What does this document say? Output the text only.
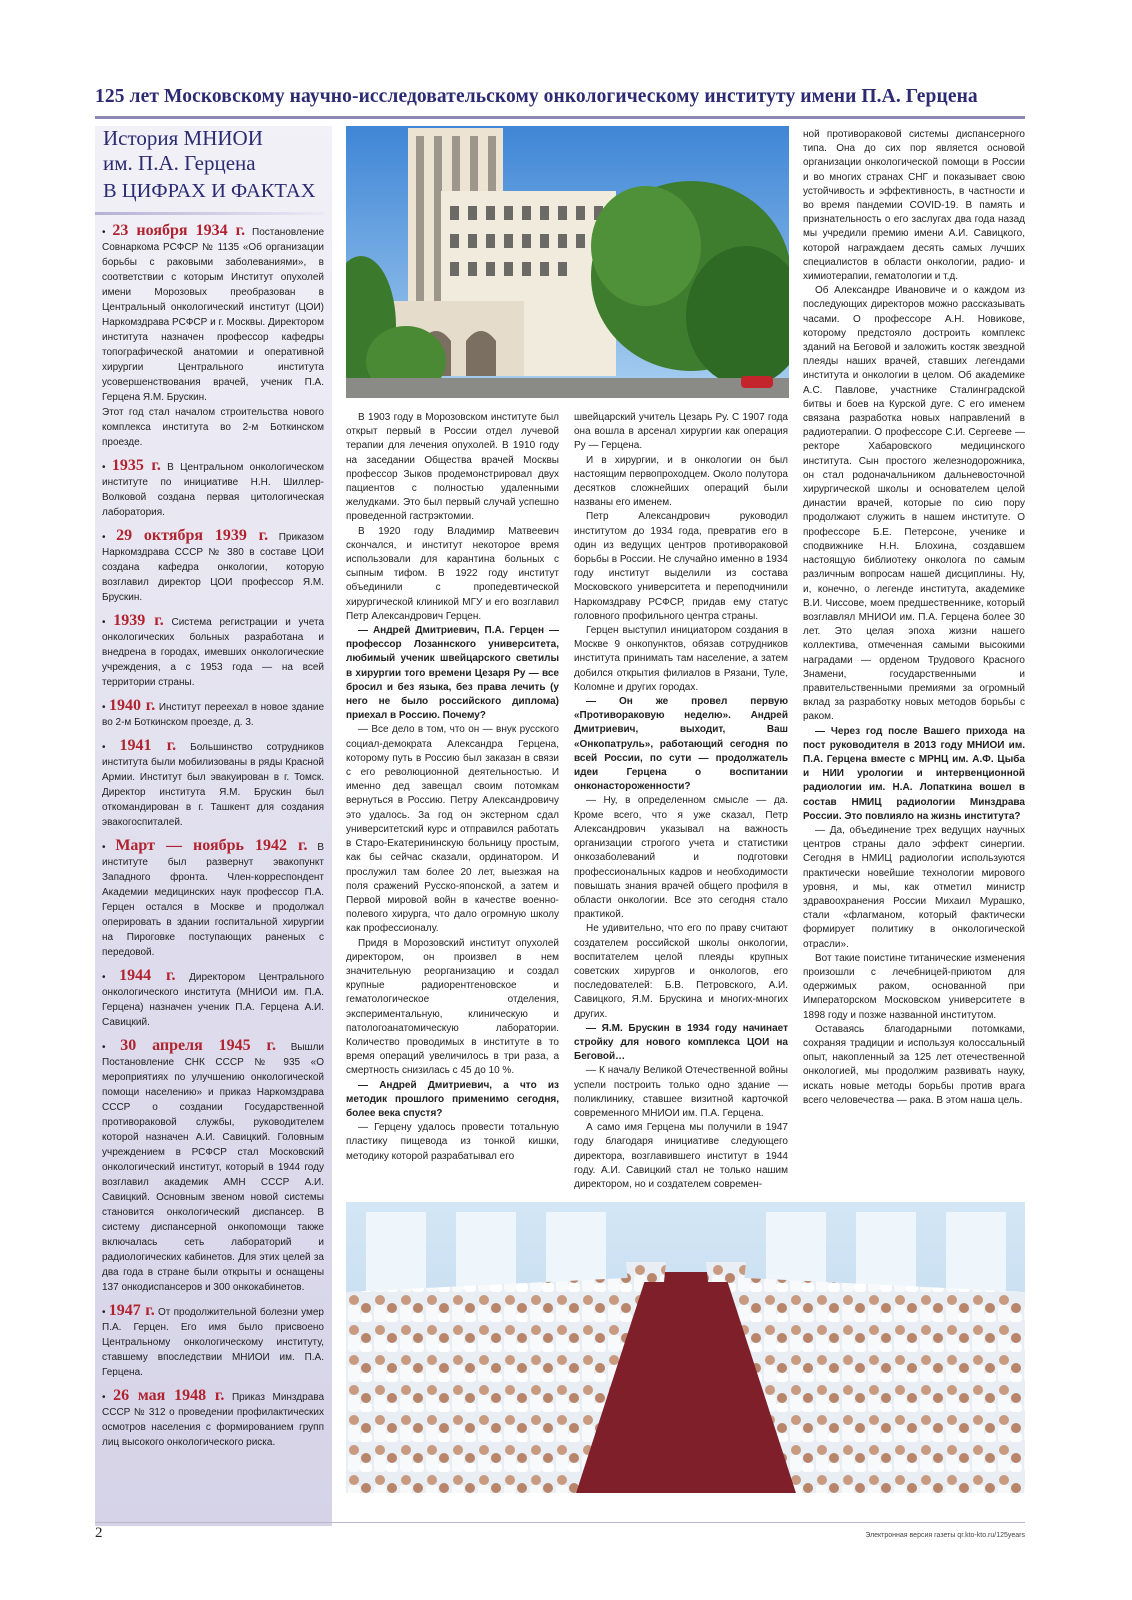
125 лет Московскому научно-исследовательскому онкологическому институту имени П.А. Герцена
История МНИОИ
им. П.А. Герцена
В ЦИФРАХ И ФАКТАХ
• 23 ноября 1934 г. Постановление Совнаркома РСФСР № 1135 «Об организации борьбы с раковыми заболеваниями», в соответствии с которым Институт опухолей имени Морозовых преобразован в Центральный онкологический институт (ЦОИ) Наркомздрава РСФСР и г. Москвы. Директором института назначен профессор кафедры топографической анатомии и оперативной хирургии Центрального института усовершенствования врачей, ученик П.А. Герцена Я.М. Брускин.
Этот год стал началом строительства нового комплекса института во 2-м Боткинском проезде.
• 1935 г. В Центральном онкологическом институте по инициативе Н.Н. Шиллер-Волковой создана первая цитологическая лаборатория.
• 29 октября 1939 г. Приказом Наркомздрава СССР № 380 в составе ЦОИ создана кафедра онкологии, которую возглавил директор ЦОИ профессор Я.М. Брускин.
• 1939 г. Система регистрации и учета онкологических больных разработана и внедрена в городах, имевших онкологические учреждения, а с 1953 года — на всей территории страны.
• 1940 г. Институт переехал в новое здание во 2-м Боткинском проезде, д. 3.
• 1941 г. Большинство сотрудников института были мобилизованы в ряды Красной Армии. Институт был эвакуирован в г. Томск. Директор института Я.М. Брускин был откомандирован в г. Ташкент для создания эвакогоспиталей.
• Март — ноябрь 1942 г. В институте был развернут эвакопункт Западного фронта. Член-корреспондент Академии медицинских наук профессор П.А. Герцен остался в Москве и продолжал оперировать в здании госпитальной хирургии на Пироговке поступающих раненых с передовой.
• 1944 г. Директором Центрального онкологического института (МНИОИ им. П.А. Герцена) назначен ученик П.А. Герцена А.И. Савицкий.
• 30 апреля 1945 г. Вышли Постановление СНК СССР № 935 «О мероприятиях по улучшению онкологической помощи населению» и приказ Наркомздрава СССР о создании Государственной противораковой службы, руководителем которой назначен А.И. Савицкий. Головным учреждением в РСФСР стал Московский онкологический институт, который в 1944 году возглавил академик АМН СССР А.И. Савицкий. Основным звеном новой системы становится онкологический диспансер. В систему диспансерной онкопомощи также включалась сеть лабораторий и радиологических кабинетов. Для этих целей за два года в стране были открыты и оснащены 137 онкодиспансеров и 300 онкокабинетов.
• 1947 г. От продолжительной болезни умер П.А. Герцен. Его имя было присвоено Центральному онкологическому институту, ставшему впоследствии МНИОИ им. П.А. Герцена.
• 26 мая 1948 г. Приказ Минздрава СССР № 312 о проведении профилактических осмотров населения с формированием групп лиц высокого онкологического риска.

В 1903 году в Морозовском институте был открыт первый в России отдел лучевой терапии для лечения опухолей. В 1910 году на заседании Общества врачей Москвы профессор Зыков продемонстрировал двух пациентов с полностью удаленными желудками. Это был первый случай успешно проведенной гастрэктомии.

В 1920 году Владимир Матвеевич скончался, и институт некоторое время использовали для карантина больных с сыпным тифом. В 1922 году институт объединили с пропедевтической хирургической клиникой МГУ и его возглавил Петр Александрович Герцен.

— Андрей Дмитриевич, П.А. Герцен — профессор Лозаннского университета, любимый ученик швейцарского светилы в хирургии того времени Цезаря Ру — все бросил и без языка, без права лечить (у него не было российского диплома) приехал в Россию. Почему?

— Все дело в том, что он — внук русского социал-демократа Александра Герцена, которому путь в Россию был заказан в связи с его революционной деятельностью. И именно дед завещал своим потомкам вернуться в Россию. Петру Александровичу это удалось. За год он экстерном сдал университетский курс и отправился работать в Старо-Екатерининскую больницу простым, как бы сейчас сказали, ординатором. И прослужил там более 20 лет, выезжая на поля сражений Русско-японской, а затем и Первой мировой войн в качестве военно-полевого хирурга, что дало огромную школу как профессионалу.

Придя в Морозовский институт опухолей директором, он произвел в нем значительную реорганизацию и создал крупные радиорентгеновское и гематологическое отделения, экспериментальную, клиническую и патологоанатомическую лаборатории. Количество проводимых в институте в то время операций увеличилось в три раза, а смертность снизилась с 45 до 10 %.

— Андрей Дмитриевич, а что из методик прошлого применимо сегодня, более века спустя?

— Герцену удалось провести тотальную пластику пищевода из тонкой кишки, методику которой разрабатывал его

швейцарский учитель Цезарь Ру. С 1907 года она вошла в арсенал хирургии как операция Ру — Герцена.

И в хирургии, и в онкологии он был настоящим первопроходцем. Около полутора десятков сложнейших операций были названы его именем.

Петр Александрович руководил институтом до 1934 года, превратив его в один из ведущих центров противораковой борьбы в России. Не случайно именно в 1934 году институт выделили из состава Московского университета и переподчинили Наркомздраву РСФСР, придав ему статус головного профильного центра страны.

Герцен выступил инициатором создания в Москве 9 онкопунктов, обязав сотрудников института принимать там население, а затем добился открытия филиалов в Рязани, Туле, Коломне и других городах.

— Он же провел первую «Противораковую неделю». Андрей Дмитриевич, выходит, Ваш «Онкопатруль», работающий сегодня по всей России, по сути — продолжатель идеи Герцена о воспитании онконастороженности?

— Ну, в определенном смысле — да. Кроме всего, что я уже сказал, Петр Александрович указывал на важность организации строгого учета и статистики онкозаболеваний и подготовки профессиональных кадров и необходимости повышать знания врачей общего профиля в области онкологии. Все это сегодня стало практикой.

Не удивительно, что его по праву считают создателем российской школы онкологии, воспитателем целой плеяды крупных советских хирургов и онкологов, его последователей: Б.В. Петровского, А.И. Савицкого, Я.М. Брускина и многих-многих других.

— Я.М. Брускин в 1934 году начинает стройку для нового комплекса ЦОИ на Беговой…

— К началу Великой Отечественной войны успели построить только одно здание — поликлинику, ставшее визитной карточкой современного МНИОИ им. П.А. Герцена.

А само имя Герцена мы получили в 1947 году благодаря инициативе следующего директора, возглавившего институт в 1944 году. А.И. Савицкий стал не только нашим директором, но и создателем современ-

ной противораковой системы диспансерного типа. Она до сих пор является основой организации онкологической помощи в России и во многих странах СНГ и показывает свою устойчивость и эффективность, в частности и во время пандемии COVID-19. В память и признательность о его заслугах два года назад мы учредили премию имени А.И. Савицкого, которой награждаем десять самых лучших специалистов в области онкологии, радио- и химиотерапии, гематологии и т.д.

Об Александре Ивановиче и о каждом из последующих директоров можно рассказывать часами. О профессоре А.Н. Новикове, которому предстояло достроить комплекс зданий на Беговой и заложить костяк звездной плеяды наших врачей, ставших легендами института и онкологии в целом. Об академике А.С. Павлове, участнике Сталинградской битвы и боев на Курской дуге. С его именем связана разработка новых направлений в радиотерапии. О профессоре С.И. Сергееве — ректоре Хабаровского медицинского института. Сын простого железнодорожника, он стал родоначальником дальневосточной хирургической школы и основателем целой династии врачей, которые по сию пору продолжают служить в нашем институте. О профессоре Б.Е. Петерсоне, ученике и сподвижнике Н.Н. Блохина, создавшем настоящую библиотеку онколога по самым различным вопросам нашей дисциплины. Ну, и, конечно, о легенде института, академике В.И. Чиссове, моем предшественнике, который возглавлял МНИОИ им. П.А. Герцена более 30 лет. Это целая эпоха жизни нашего коллектива, отмеченная самыми высокими наградами — орденом Трудового Красного Знамени, государственными и правительственными премиями за огромный вклад за разработку новых методов борьбы с раком.

— Через год после Вашего прихода на пост руководителя в 2013 году МНИОИ им. П.А. Герцена вместе с МРНЦ им. А.Ф. Цыба и НИИ урологии и интервенционной радиологии им. Н.А. Лопаткина вошел в состав НМИЦ радиологии Минздрава России. Это повлияло на жизнь института?

— Да, объединение трех ведущих научных центров страны дало эффект синергии. Сегодня в НМИЦ радиологии используются практически новейшие технологии мирового уровня, и мы, как отметил министр здравоохранения России Михаил Мурашко, стали «флагманом, который фактически формирует политику в онкологической отрасли».

Вот такие поистине титанические изменения произошли с лечебницей-приютом для одержимых раком, основанной при Императорском Московском университете в 1898 году и позже названной институтом.

Оставаясь благодарными потомками, сохраняя традиции и используя колоссальный опыт, накопленный за 125 лет отечественной онкологией, мы продолжим развивать науку, искать новые методы борьбы против врага всего человечества — рака. В этом наша цель.

2	Электронная версия газеты qr.kto-kto.ru/125years
